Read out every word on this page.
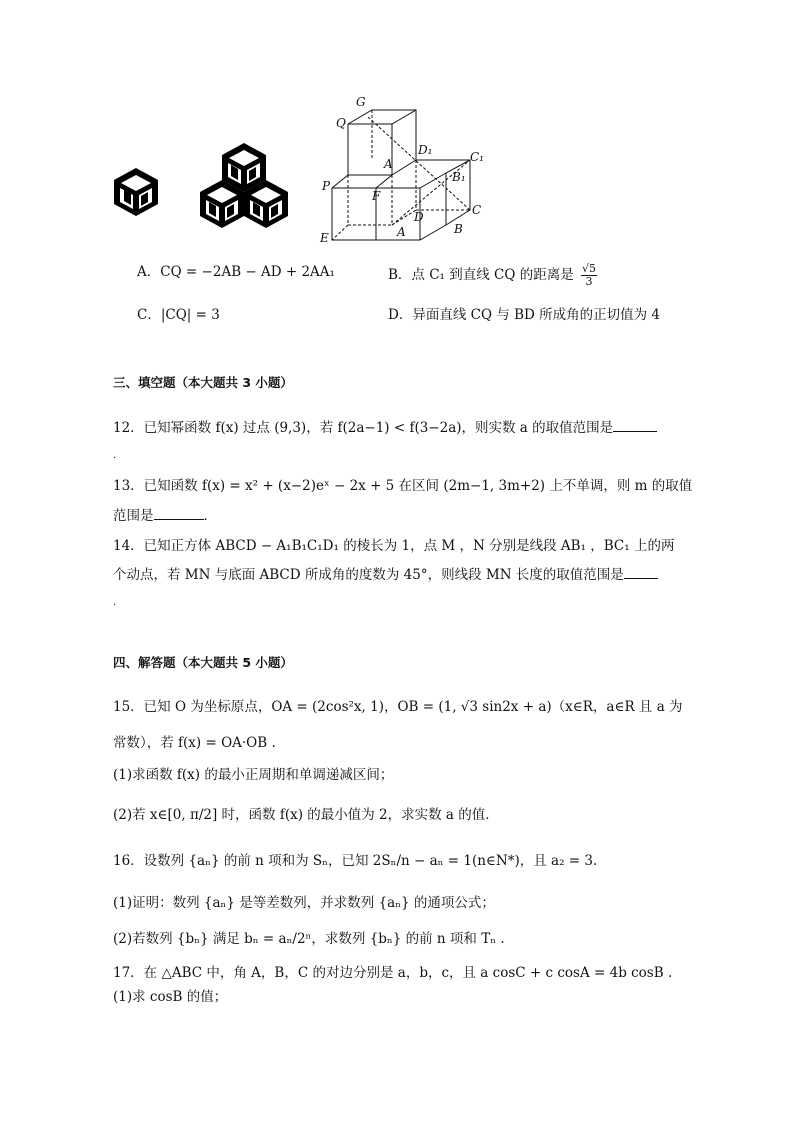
G
Q
A
D₁	C₁
B₁
P
F
D	C
E	A	B
A．CQ = −2AB − AD + 2AA₁	B．点 C₁ 到直线 CQ 的距离是 $\frac{√5}{3}$
C．|CQ| = 3	D．异面直线 CQ 与 BD 所成角的正切值为 4
三、填空题（本大题共 3 小题）
12．已知幂函数 f(x) 过点 (9,3)，若 f(2a−1) < f(3−2a)，则实数 a 的取值范围是
.
13．已知函数 f(x) = x² + (x−2)eˣ − 2x + 5 在区间 (2m−1, 3m+2) 上不单调，则 m 的取值
范围是	．
14．已知正方体 ABCD − A₁B₁C₁D₁ 的棱长为 1，点 M ，N 分别是线段 AB₁ ，BC₁ 上的两
个动点，若 MN 与底面 ABCD 所成角的度数为 45°，则线段 MN 长度的取值范围是
.
四、解答题（本大题共 5 小题）
15．已知 O 为坐标原点，OA = (2cos²x, 1)，OB = (1, √3 sin2x + a)（x∈R，a∈R 且 a 为
常数），若 f(x) = OA·OB .
(1)求函数 f(x) 的最小正周期和单调递减区间；
(2)若 x∈[0, π/2] 时，函数 f(x) 的最小值为 2，求实数 a 的值．
16．设数列 {aₙ} 的前 n 项和为 Sₙ，已知 2Sₙ/n − aₙ = 1(n∈N*)，且 a₂ = 3.
(1)证明：数列 {aₙ} 是等差数列，并求数列 {aₙ} 的通项公式；
(2)若数列 {bₙ} 满足 bₙ = aₙ/2ⁿ，求数列 {bₙ} 的前 n 项和 Tₙ .
17．在 △ABC 中，角 A，B，C 的对边分别是 a，b，c，且 a cosC + c cosA = 4b cosB .
(1)求 cosB 的值；
